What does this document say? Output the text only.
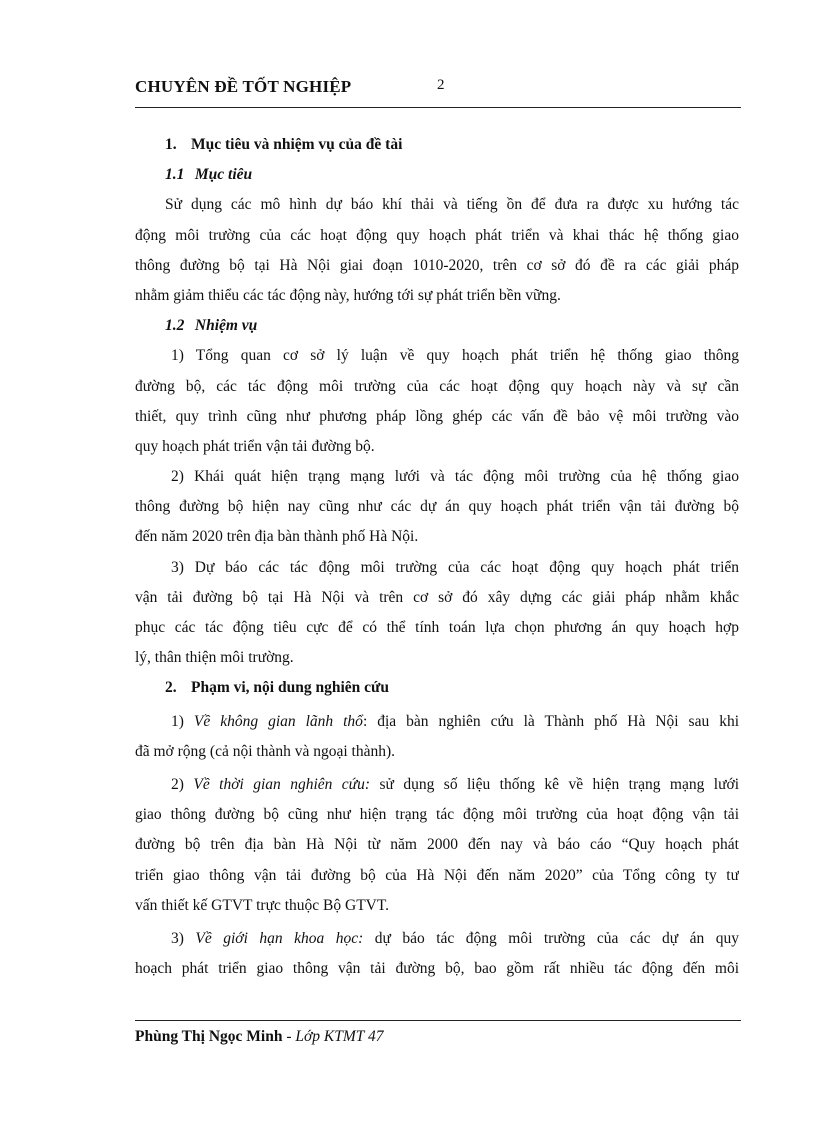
CHUYÊN ĐỀ TỐT NGHIỆP	2
1. Mục tiêu và nhiệm vụ của đề tài
1.1 Mục tiêu
Sử dụng các mô hình dự báo khí thải và tiếng ồn để đưa ra được xu hướng tác
động môi trường của các hoạt động quy hoạch phát triển và khai thác hệ thống giao
thông đường bộ tại Hà Nội giai đoạn 1010-2020, trên cơ sở đó đề ra các giải pháp
nhằm giảm thiểu các tác động này, hướng tới sự phát triển bền vững.
1.2 Nhiệm vụ
1) Tổng quan cơ sở lý luận về quy hoạch phát triển hệ thống giao thông
đường bộ, các tác động môi trường của các hoạt động quy hoạch này và sự cần
thiết, quy trình cũng như phương pháp lồng ghép các vấn đề bảo vệ môi trường vào
quy hoạch phát triển vận tải đường bộ.
2) Khái quát hiện trạng mạng lưới và tác động môi trường của hệ thống giao
thông đường bộ hiện nay cũng như các dự án quy hoạch phát triển vận tải đường bộ
đến năm 2020 trên địa bàn thành phố Hà Nội.
3) Dự báo các tác động môi trường của các hoạt động quy hoạch phát triển
vận tải đường bộ tại Hà Nội và trên cơ sở đó xây dựng các giải pháp nhằm khắc
phục các tác động tiêu cực để có thể tính toán lựa chọn phương án quy hoạch hợp
lý, thân thiện môi trường.
2. Phạm vi, nội dung nghiên cứu
1) Về không gian lãnh thổ: địa bàn nghiên cứu là Thành phố Hà Nội sau khi
đã mở rộng (cả nội thành và ngoại thành).
2) Về thời gian nghiên cứu: sử dụng số liệu thống kê về hiện trạng mạng lưới
giao thông đường bộ cũng như hiện trạng tác động môi trường của hoạt động vận tải
đường bộ trên địa bàn Hà Nội từ năm 2000 đến nay và báo cáo “Quy hoạch phát
triển giao thông vận tải đường bộ của Hà Nội đến năm 2020” của Tổng công ty tư
vấn thiết kế GTVT trực thuộc Bộ GTVT.
3) Về giới hạn khoa học: dự báo tác động môi trường của các dự án quy
hoạch phát triển giao thông vận tải đường bộ, bao gồm rất nhiều tác động đến môi
Phùng Thị Ngọc Minh - Lớp KTMT 47
